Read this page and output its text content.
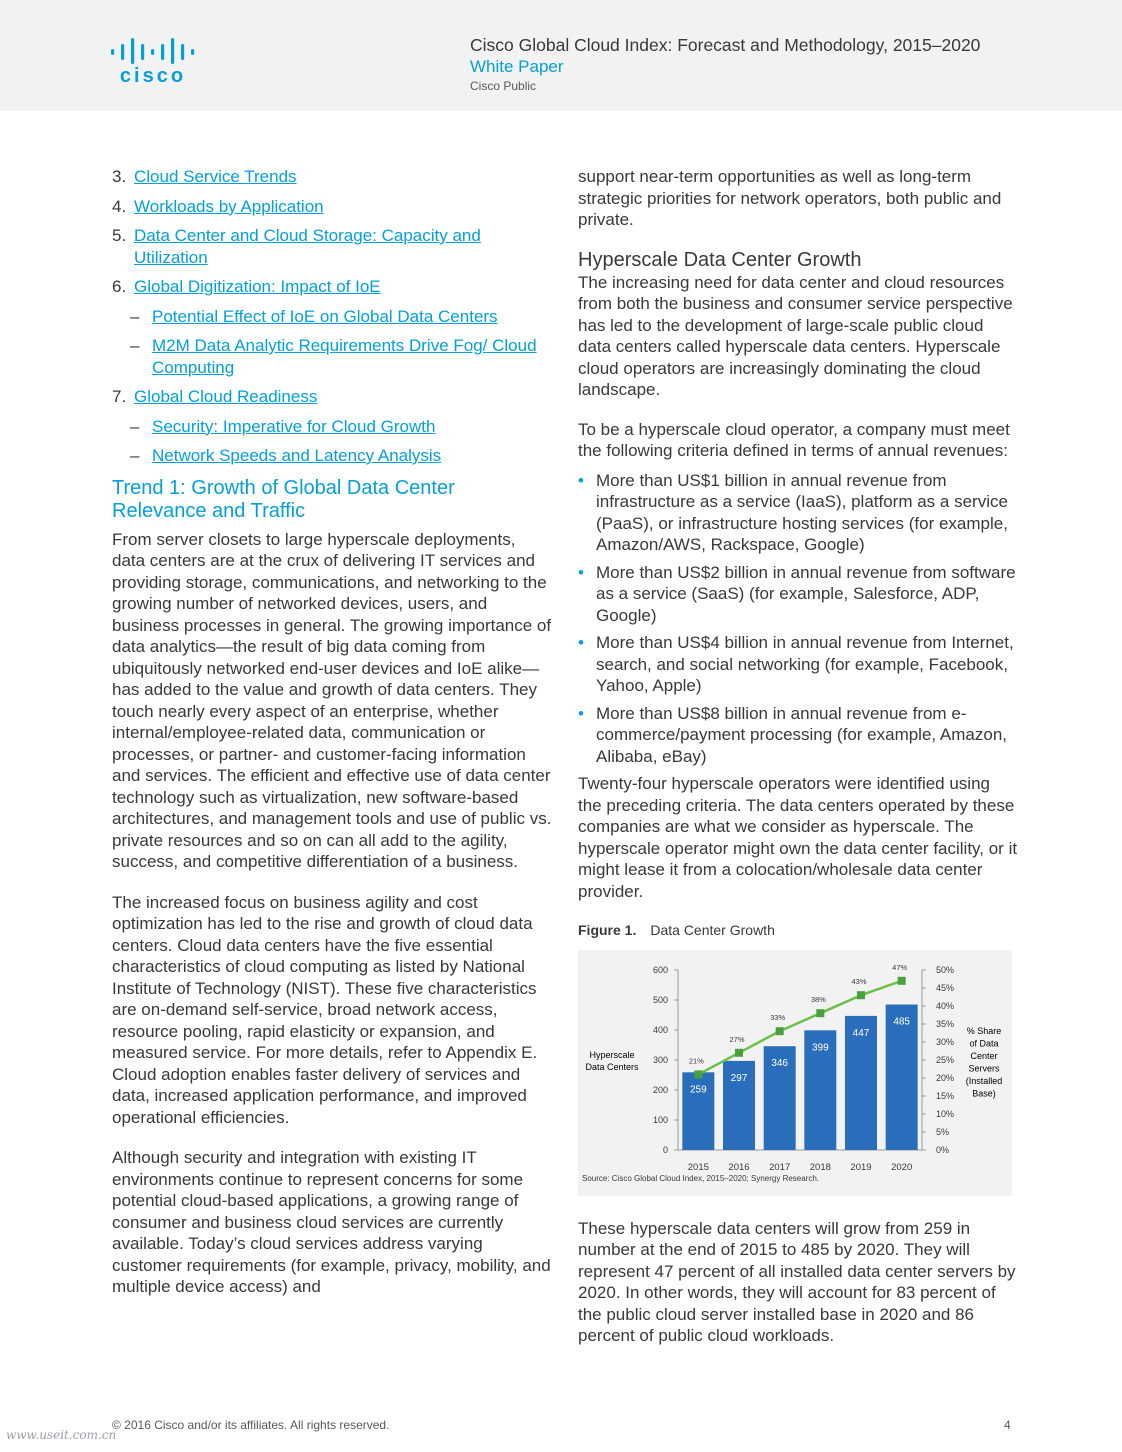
cisco
Cisco Global Cloud Index: Forecast and Methodology, 2015–2020
White Paper
Cisco Public
3. Cloud Service Trends
4. Workloads by Application
5. Data Center and Cloud Storage: Capacity and Utilization
6. Global Digitization: Impact of IoE
– Potential Effect of IoE on Global Data Centers
– M2M Data Analytic Requirements Drive Fog/ Cloud Computing
7. Global Cloud Readiness
– Security: Imperative for Cloud Growth
– Network Speeds and Latency Analysis
Trend 1: Growth of Global Data Center Relevance and Traffic

From server closets to large hyperscale deployments, data centers are at the crux of delivering IT services and providing storage, communications, and networking to the growing number of networked devices, users, and business processes in general. The growing importance of data analytics—the result of big data coming from ubiquitously networked end-user devices and IoE alike—has added to the value and growth of data centers. They touch nearly every aspect of an enterprise, whether internal/employee-related data, communication or processes, or partner- and customer-facing information and services. The efficient and effective use of data center technology such as virtualization, new software-based architectures, and management tools and use of public vs. private resources and so on can all add to the agility, success, and competitive differentiation of a business.

The increased focus on business agility and cost optimization has led to the rise and growth of cloud data centers. Cloud data centers have the five essential characteristics of cloud computing as listed by National Institute of Technology (NIST). These five characteristics are on-demand self-service, broad network access, resource pooling, rapid elasticity or expansion, and measured service. For more details, refer to Appendix E. Cloud adoption enables faster delivery of services and data, increased application performance, and improved operational efficiencies.

Although security and integration with existing IT environments continue to represent concerns for some potential cloud-based applications, a growing range of consumer and business cloud services are currently available. Today’s cloud services address varying customer requirements (for example, privacy, mobility, and multiple device access) and

support near-term opportunities as well as long-term strategic priorities for network operators, both public and private.

Hyperscale Data Center Growth

The increasing need for data center and cloud resources from both the business and consumer service perspective has led to the development of large-scale public cloud data centers called hyperscale data centers. Hyperscale cloud operators are increasingly dominating the cloud landscape.

To be a hyperscale cloud operator, a company must meet the following criteria defined in terms of annual revenues:

• More than US$1 billion in annual revenue from infrastructure as a service (IaaS), platform as a service (PaaS), or infrastructure hosting services (for example, Amazon/AWS, Rackspace, Google)
• More than US$2 billion in annual revenue from software as a service (SaaS) (for example, Salesforce, ADP, Google)
• More than US$4 billion in annual revenue from Internet, search, and social networking (for example, Facebook, Yahoo, Apple)
• More than US$8 billion in annual revenue from e-commerce/payment processing (for example, Amazon, Alibaba, eBay)

Twenty-four hyperscale operators were identified using the preceding criteria. The data centers operated by these companies are what we consider as hyperscale. The hyperscale operator might own the data center facility, or it might lease it from a colocation/wholesale data center provider.

Figure 1. Data Center Growth
0
100
200
300
400
500
600
0%
5%
10%
15%
20%
25%
30%
35%
40%
45%
50%
Hyperscale
Data Centers
% Share
of Data
Center
Servers
(Installed
Base)
259
2015
297
2016
346
2017
399
2018
447
2019
485
2020
21%
27%
33%
38%
43%
47%
Source: Cisco Global Cloud Index, 2015–2020; Synergy Research.

These hyperscale data centers will grow from 259 in number at the end of 2015 to 485 by 2020. They will represent 47 percent of all installed data center servers by 2020. In other words, they will account for 83 percent of the public cloud server installed base in 2020 and 86 percent of public cloud workloads.

© 2016 Cisco and/or its affiliates. All rights reserved.	4
www.useit.com.cn
